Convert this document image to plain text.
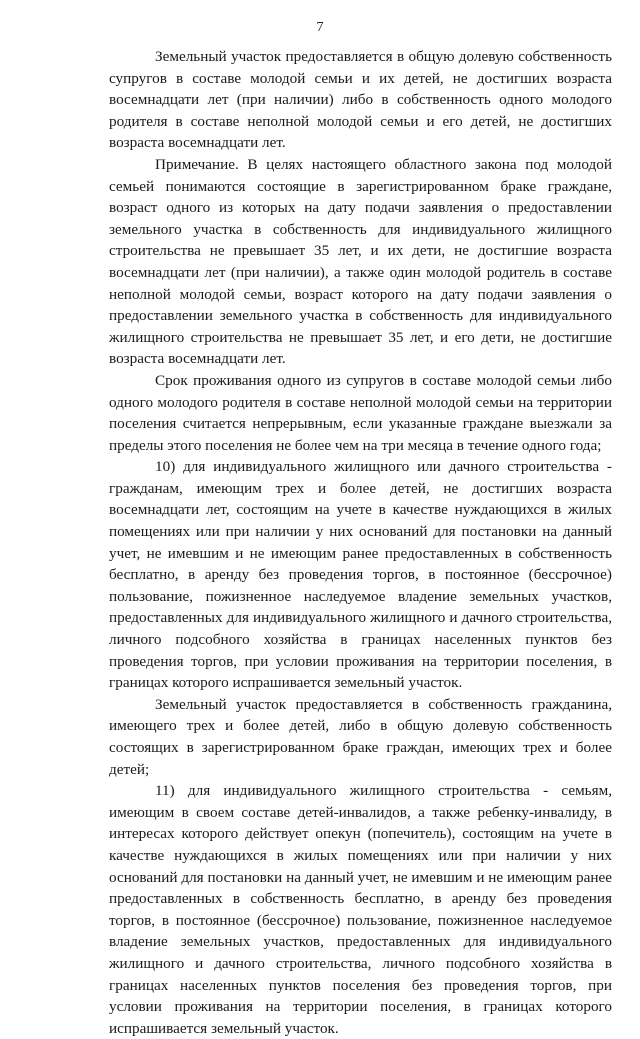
7

Земельный участок предоставляется в общую долевую собственность супругов в составе молодой семьи и их детей, не достигших возраста восемнадцати лет (при наличии) либо в собственность одного молодого родителя в составе неполной молодой семьи и его детей, не достигших возраста восемнадцати лет.

Примечание. В целях настоящего областного закона под молодой семьей понимаются состоящие в зарегистрированном браке граждане, возраст одного из которых на дату подачи заявления о предоставлении земельного участка в собственность для индивидуального жилищного строительства не превышает 35 лет, и их дети, не достигшие возраста восемнадцати лет (при наличии), а также один молодой родитель в составе неполной молодой семьи, возраст которого на дату подачи заявления о предоставлении земельного участка в собственность для индивидуального жилищного строительства не превышает 35 лет, и его дети, не достигшие возраста восемнадцати лет.

Срок проживания одного из супругов в составе молодой семьи либо одного молодого родителя в составе неполной молодой семьи на территории поселения считается непрерывным, если указанные граждане выезжали за пределы этого поселения не более чем на три месяца в течение одного года;

10) для индивидуального жилищного или дачного строительства - гражданам, имеющим трех и более детей, не достигших возраста восемнадцати лет, состоящим на учете в качестве нуждающихся в жилых помещениях или при наличии у них оснований для постановки на данный учет, не имевшим и не имеющим ранее предоставленных в собственность бесплатно, в аренду без проведения торгов, в постоянное (бессрочное) пользование, пожизненное наследуемое владение земельных участков, предоставленных для индивидуального жилищного и дачного строительства, личного подсобного хозяйства в границах населенных пунктов без проведения торгов, при условии проживания на территории поселения, в границах которого испрашивается земельный участок.

Земельный участок предоставляется в собственность гражданина, имеющего трех и более детей, либо в общую долевую собственность состоящих в зарегистрированном браке граждан, имеющих трех и более детей;

11) для индивидуального жилищного строительства - семьям, имеющим в своем составе детей-инвалидов, а также ребенку-инвалиду, в интересах которого действует опекун (попечитель), состоящим на учете в качестве нуждающихся в жилых помещениях или при наличии у них оснований для постановки на данный учет, не имевшим и не имеющим ранее предоставленных в собственность бесплатно, в аренду без проведения торгов, в постоянное (бессрочное) пользование, пожизненное наследуемое владение земельных участков, предоставленных для индивидуального жилищного и дачного строительства, личного подсобного хозяйства в границах населенных пунктов поселения без проведения торгов, при условии проживания на территории поселения, в границах которого испрашивается земельный участок.
